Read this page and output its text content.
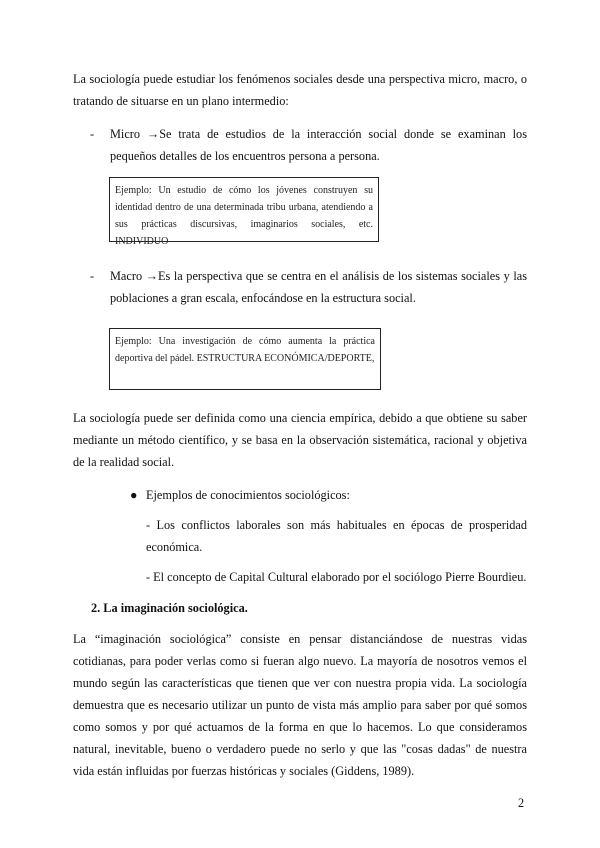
La sociología puede estudiar los fenómenos sociales desde una perspectiva micro, macro, o tratando de situarse en un plano intermedio:

- Micro →Se trata de estudios de la interacción social donde se examinan los pequeños detalles de los encuentros persona a persona.
Ejemplo: Un estudio de cómo los jóvenes construyen su identidad dentro de una determinada tribu urbana, atendiendo a sus prácticas discursivas, imaginarios sociales, etc. INDIVIDUO
- Macro →Es la perspectiva que se centra en el análisis de los sistemas sociales y las poblaciones a gran escala, enfocándose en la estructura social.
Ejemplo: Una investigación de cómo aumenta la práctica deportiva del pádel. ESTRUCTURA ECONÓMICA/DEPORTE,

La sociología puede ser definida como una ciencia empírica, debido a que obtiene su saber mediante un método científico, y se basa en la observación sistemática, racional y objetiva de la realidad social.

● Ejemplos de conocimientos sociológicos:
- Los conflictos laborales son más habituales en épocas de prosperidad económica.
- El concepto de Capital Cultural elaborado por el sociólogo Pierre Bourdieu.
2. La imaginación sociológica.

La “imaginación sociológica” consiste en pensar distanciándose de nuestras vidas cotidianas, para poder verlas como si fueran algo nuevo. La mayoría de nosotros vemos el mundo según las características que tienen que ver con nuestra propia vida. La sociología demuestra que es necesario utilizar un punto de vista más amplio para saber por qué somos como somos y por qué actuamos de la forma en que lo hacemos. Lo que consideramos natural, inevitable, bueno o verdadero puede no serlo y que las "cosas dadas" de nuestra vida están influidas por fuerzas históricas y sociales (Giddens, 1989).

2
